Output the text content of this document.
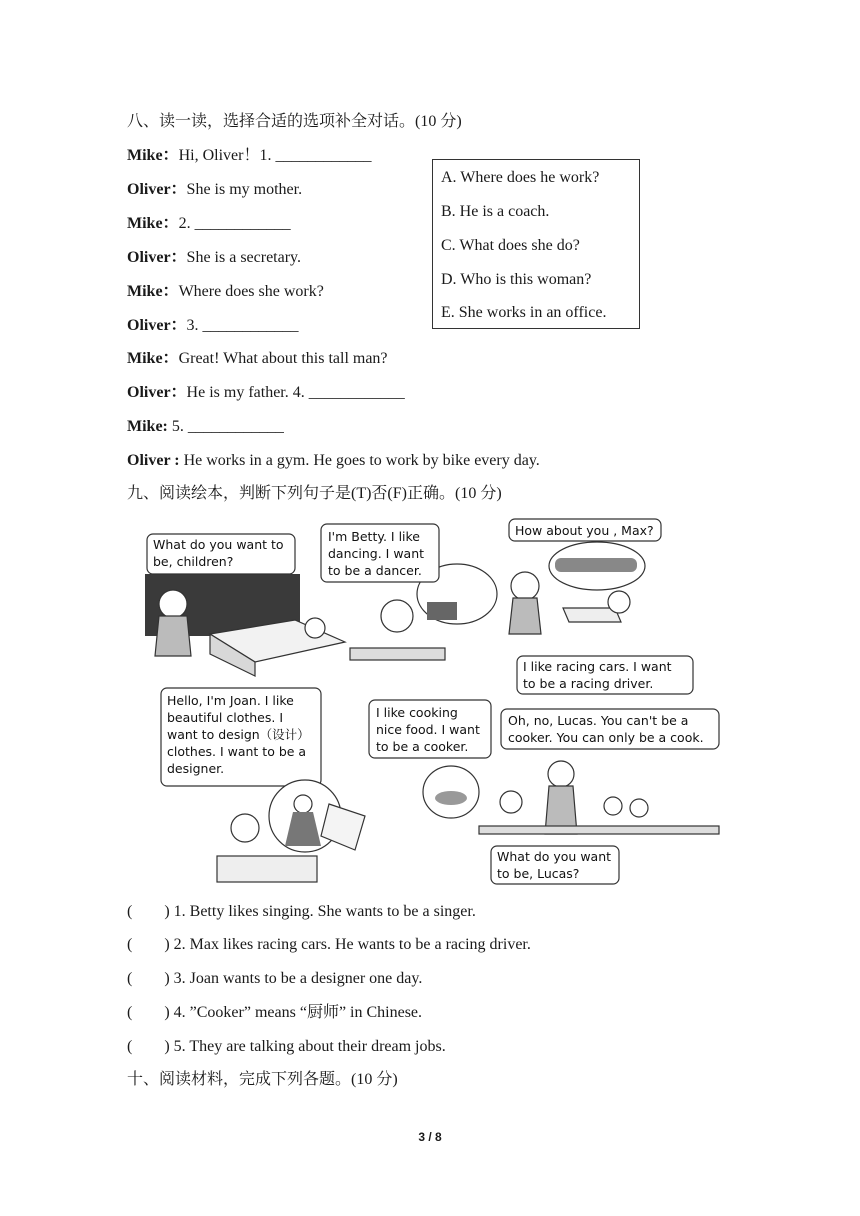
八、读一读，选择合适的选项补全对话。(10 分)
Mike：Hi, Oliver！1. ____________
Oliver：She is my mother.
Mike：2. ____________
Oliver：She is a secretary.
Mike：Where does she work?
Oliver：3. ____________
Mike：Great! What about this tall man?
Oliver：He is my father. 4. ____________
Mike: 5. ____________
Oliver : He works in a gym. He goes to work by bike every day.
A. Where does he work?
B. He is a coach.
C. What does she do?
D. Who is this woman?
E. She works in an office.
九、阅读绘本，判断下列句子是(T)否(F)正确。(10 分)
What do you want to
be, children?
I'm Betty. I like
dancing. I want
to be a dancer.
How about you , Max?
I like racing cars. I want
to be a racing driver.
Hello, I'm Joan. I like
beautiful clothes. I
want to design（设计）
clothes. I want to be a
designer.
I like cooking
nice food. I want
to be a cooker.
Oh, no, Lucas. You can't be a
cooker. You can only be a cook.
What do you want
to be, Lucas?
(        ) 1. Betty likes singing. She wants to be a singer.
(        ) 2. Max likes racing cars. He wants to be a racing driver.
(        ) 3. Joan wants to be a designer one day.
(        ) 4. ”Cooker” means “厨师” in Chinese.
(        ) 5. They are talking about their dream jobs.
十、阅读材料，完成下列各题。(10 分)
3 / 8
